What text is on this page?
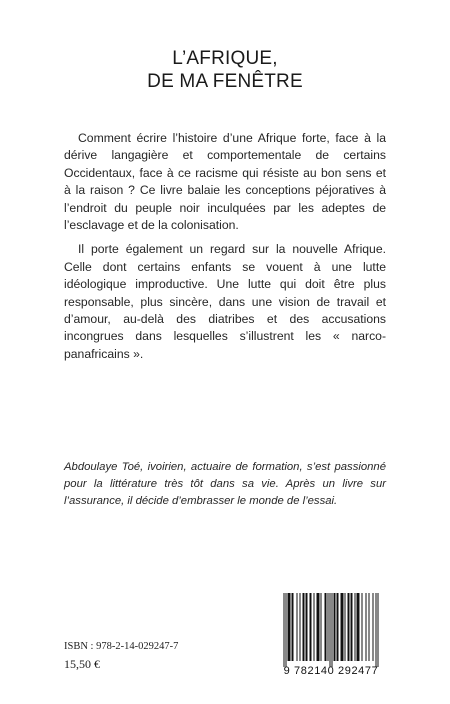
L’AFRIQUE,
DE MA FENÊTRE

Comment écrire l’histoire d’une Afrique forte, face à la dérive langagière et comportementale de certains Occidentaux, face à ce racisme qui résiste au bon sens et à la raison ? Ce livre balaie les conceptions péjoratives à l’endroit du peuple noir inculquées par les adeptes de l’esclavage et de la colonisation.

Il porte également un regard sur la nouvelle Afrique. Celle dont certains enfants se vouent à une lutte idéologique improductive. Une lutte qui doit être plus responsable, plus sincère, dans une vision de travail et d’amour, au-delà des diatribes et des accusations incongrues dans lesquelles s’illustrent les « narco-panafricains ».

Abdoulaye Toé, ivoirien, actuaire de formation, s’est passionné pour la littérature très tôt dans sa vie. Après un livre sur l’assurance, il décide d’embrasser le monde de l’essai.
ISBN : 978-2-14-029247-7
15,50 €	9 782140 292477
